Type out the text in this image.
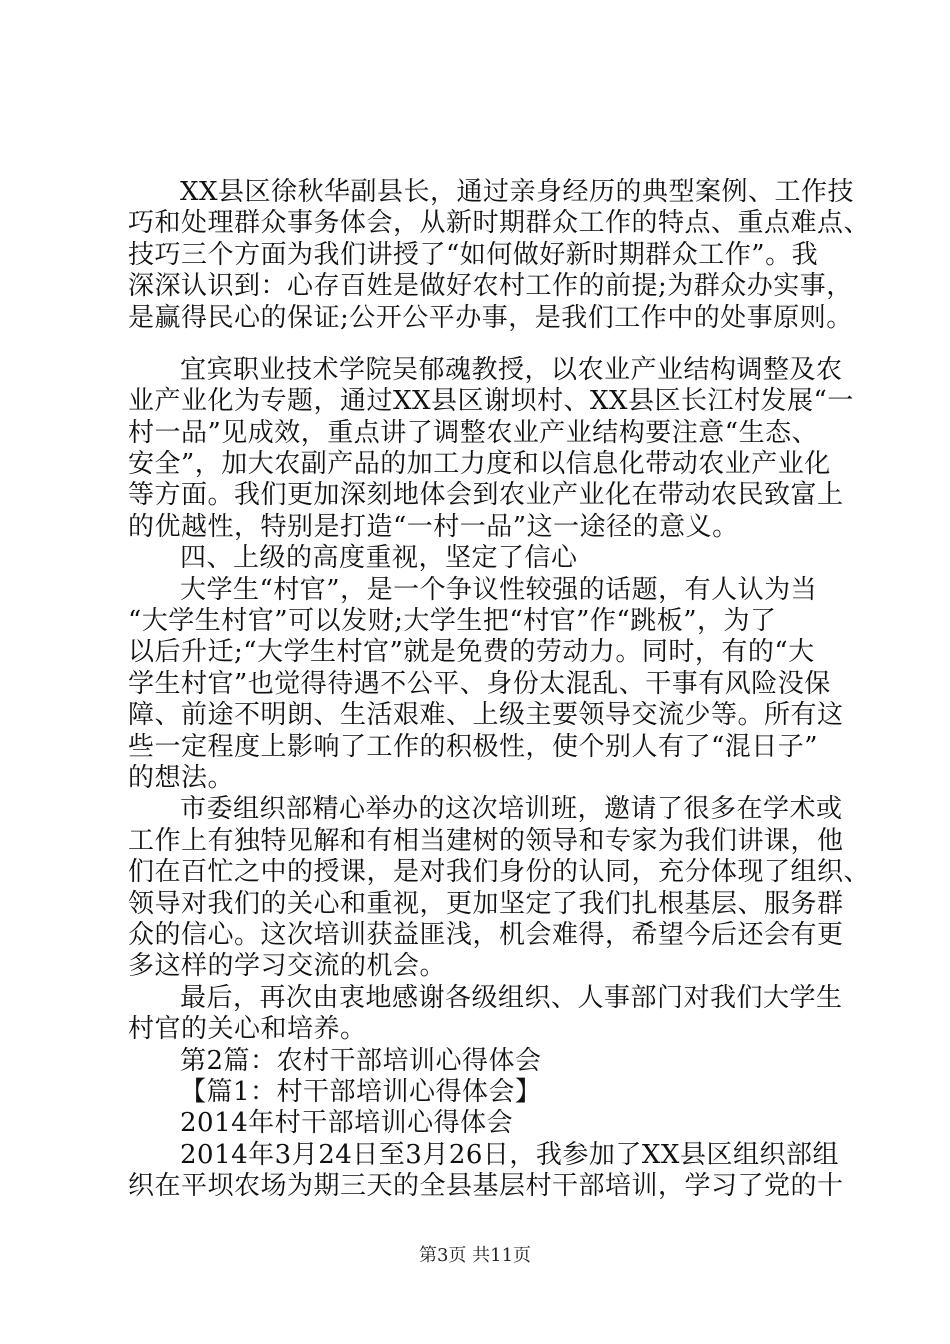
XX县区徐秋华副县长，通过亲身经历的典型案例、工作技

巧和处理群众事务体会，从新时期群众工作的特点、重点难点、

技巧三个方面为我们讲授了“如何做好新时期群众工作”。我

深深认识到：心存百姓是做好农村工作的前提;为群众办实事，

是赢得民心的保证;公开公平办事，是我们工作中的处事原则。

宜宾职业技术学院吴郁魂教授，以农业产业结构调整及农

业产业化为专题，通过XX县区谢坝村、XX县区长江村发展“一

村一品”见成效，重点讲了调整农业产业结构要注意“生态、

安全”，加大农副产品的加工力度和以信息化带动农业产业化

等方面。我们更加深刻地体会到农业产业化在带动农民致富上

的优越性，特别是打造“一村一品”这一途径的意义。

四、上级的高度重视，坚定了信心

大学生“村官”，是一个争议性较强的话题，有人认为当

“大学生村官”可以发财;大学生把“村官”作“跳板”，为了

以后升迁;“大学生村官”就是免费的劳动力。同时，有的“大

学生村官”也觉得待遇不公平、身份太混乱、干事有风险没保

障、前途不明朗、生活艰难、上级主要领导交流少等。所有这

些一定程度上影响了工作的积极性，使个别人有了“混日子”

的想法。

市委组织部精心举办的这次培训班，邀请了很多在学术或

工作上有独特见解和有相当建树的领导和专家为我们讲课，他

们在百忙之中的授课，是对我们身份的认同，充分体现了组织、

领导对我们的关心和重视，更加坚定了我们扎根基层、服务群

众的信心。这次培训获益匪浅，机会难得，希望今后还会有更

多这样的学习交流的机会。

最后，再次由衷地感谢各级组织、人事部门对我们大学生

村官的关心和培养。

第2篇：农村干部培训心得体会

【篇1：村干部培训心得体会】

2014年村干部培训心得体会

2014年3月24日至3月26日，我参加了XX县区组织部组

织在平坝农场为期三天的全县基层村干部培训，学习了党的十

第3页 共11页
